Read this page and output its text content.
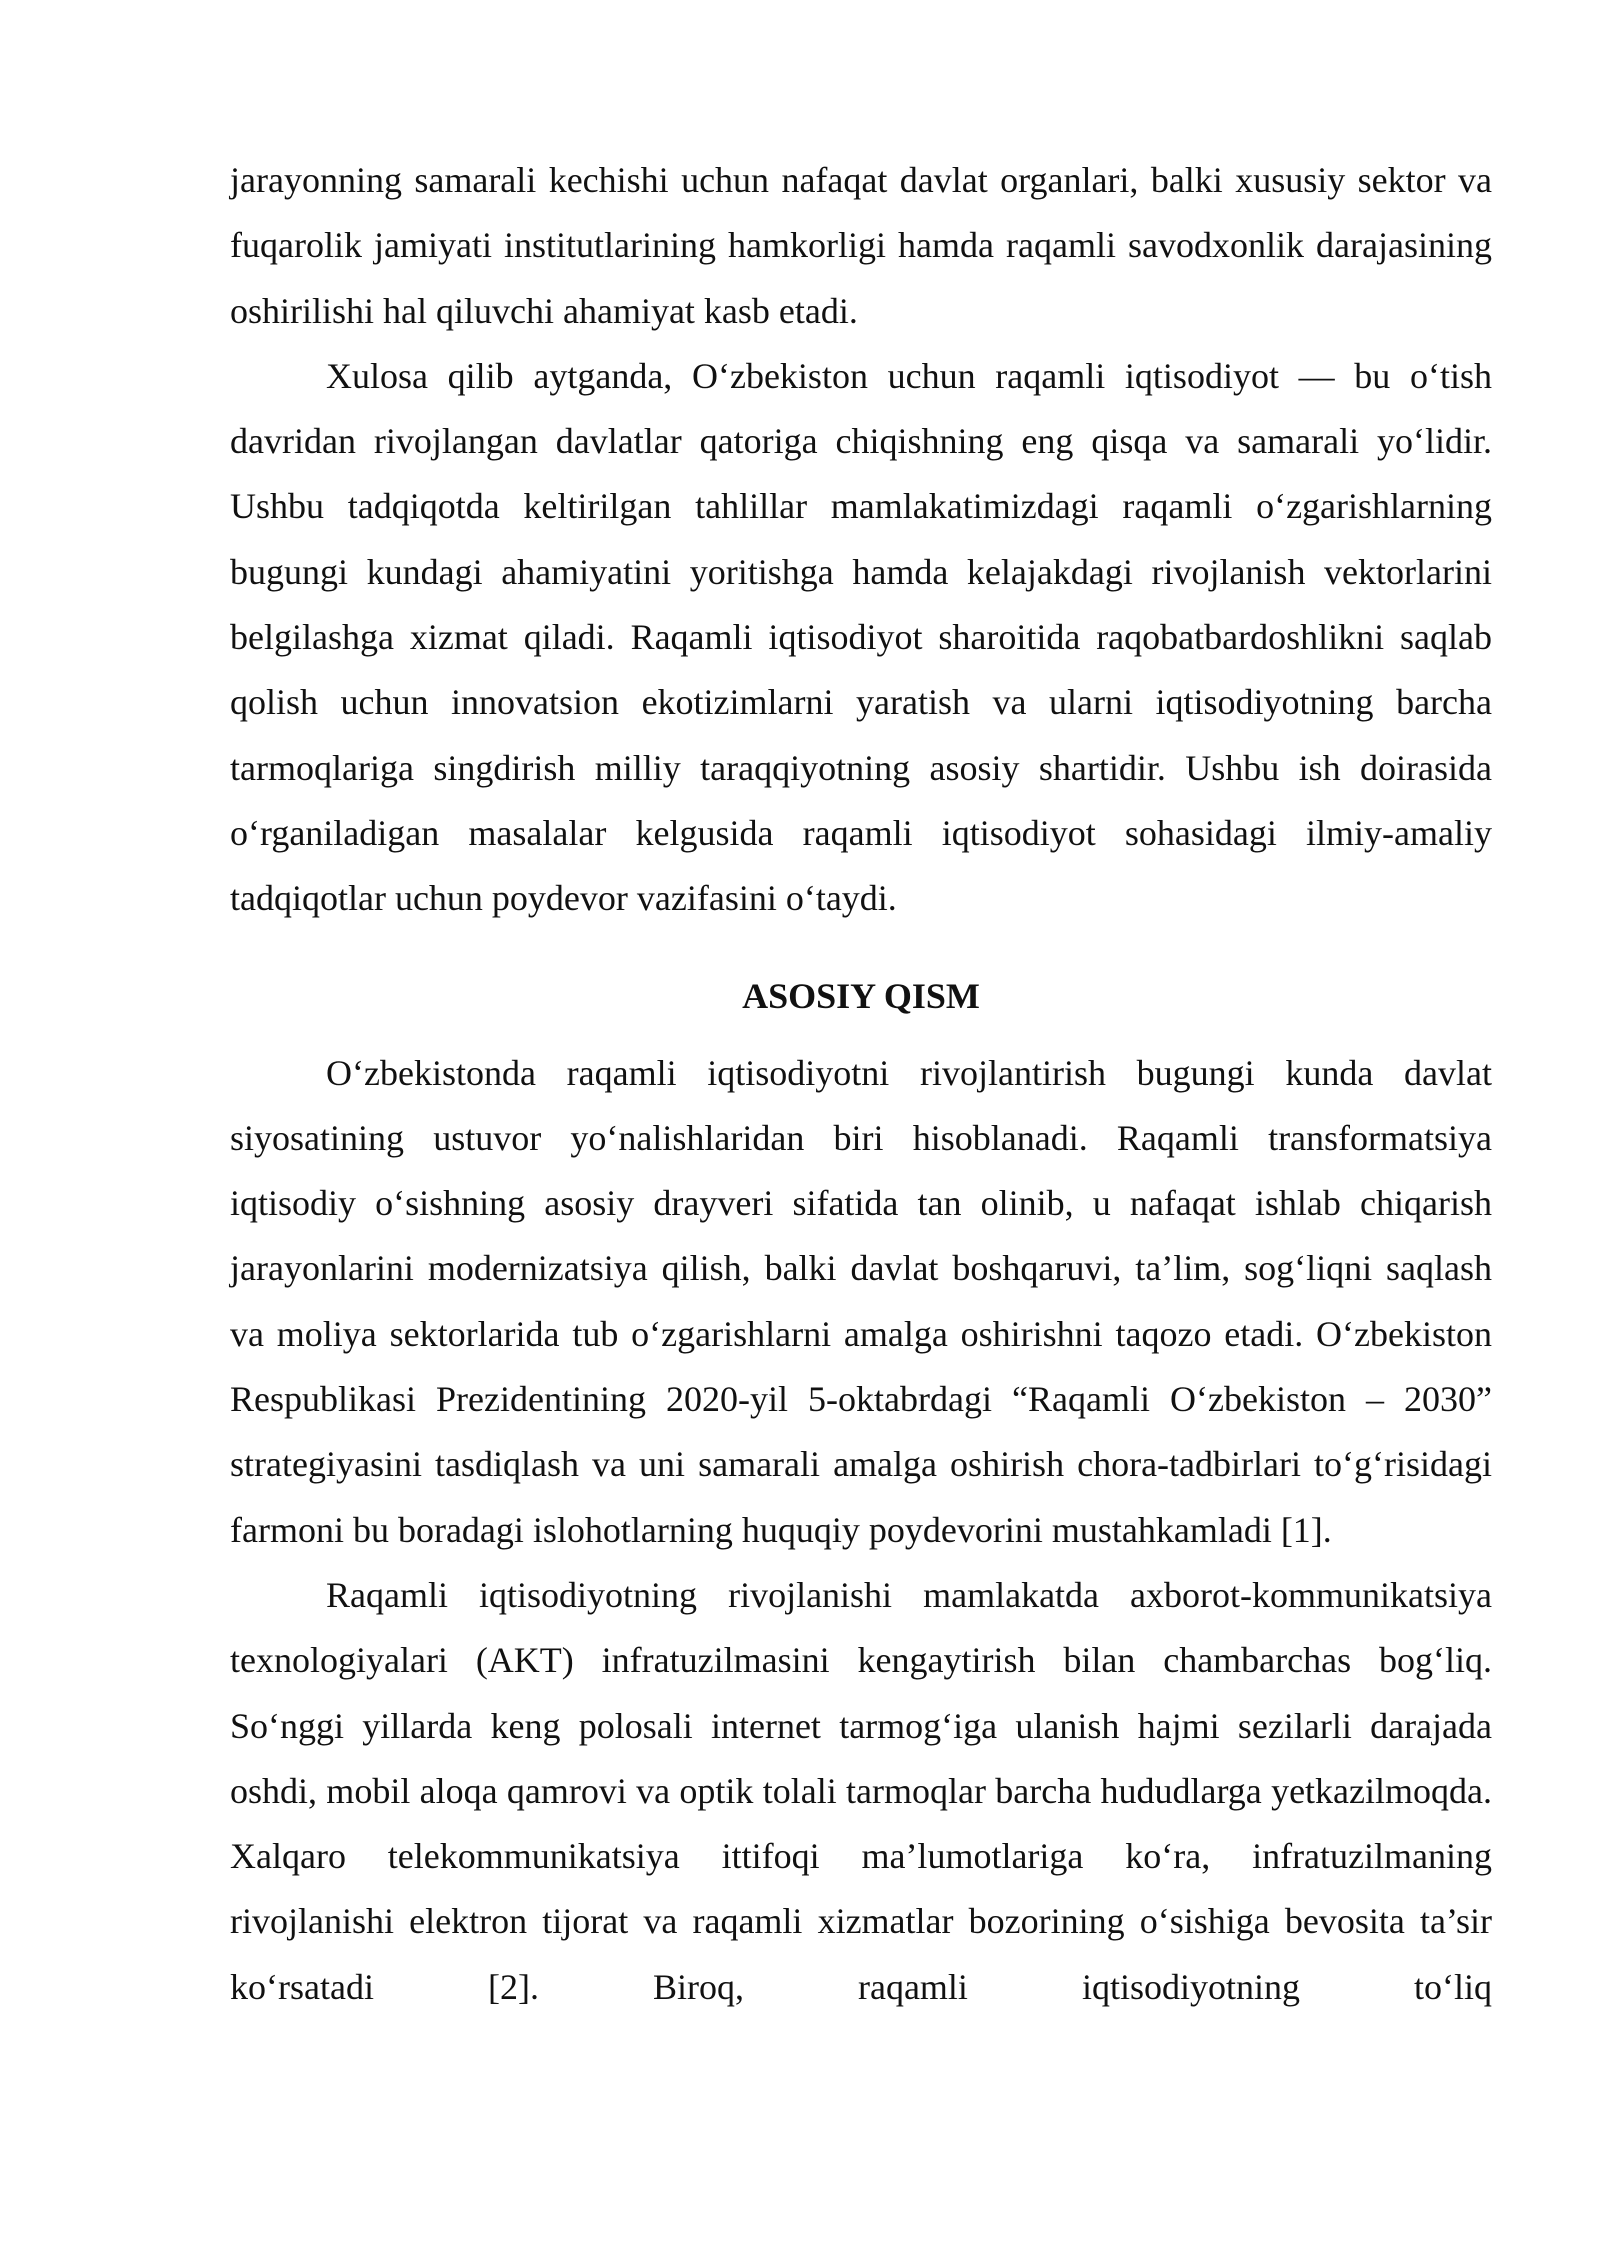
jarayonning samarali kechishi uchun nafaqat davlat organlari, balki xususiy sektor va fuqarolik jamiyati institutlarining hamkorligi hamda raqamli savodxonlik darajasining oshirilishi hal qiluvchi ahamiyat kasb etadi.

Xulosa qilib aytganda, O‘zbekiston uchun raqamli iqtisodiyot — bu o‘tish davridan rivojlangan davlatlar qatoriga chiqishning eng qisqa va samarali yo‘lidir. Ushbu tadqiqotda keltirilgan tahlillar mamlakatimizdagi raqamli o‘zgarishlarning bugungi kundagi ahamiyatini yoritishga hamda kelajakdagi rivojlanish vektorlarini belgilashga xizmat qiladi. Raqamli iqtisodiyot sharoitida raqobatbardoshlikni saqlab qolish uchun innovatsion ekotizimlarni yaratish va ularni iqtisodiyotning barcha tarmoqlariga singdirish milliy taraqqiyotning asosiy shartidir. Ushbu ish doirasida o‘rganiladigan masalalar kelgusida raqamli iqtisodiyot sohasidagi ilmiy-amaliy tadqiqotlar uchun poydevor vazifasini o‘taydi.

ASOSIY QISM

O‘zbekistonda raqamli iqtisodiyotni rivojlantirish bugungi kunda davlat siyosatining ustuvor yo‘nalishlaridan biri hisoblanadi. Raqamli transformatsiya iqtisodiy o‘sishning asosiy drayveri sifatida tan olinib, u nafaqat ishlab chiqarish jarayonlarini modernizatsiya qilish, balki davlat boshqaruvi, ta’lim, sog‘liqni saqlash va moliya sektorlarida tub o‘zgarishlarni amalga oshirishni taqozo etadi. O‘zbekiston Respublikasi Prezidentining 2020-yil 5-oktabrdagi “Raqamli O‘zbekiston – 2030” strategiyasini tasdiqlash va uni samarali amalga oshirish chora-tadbirlari to‘g‘risidagi farmoni bu boradagi islohotlarning huquqiy poydevorini mustahkamladi [1].

Raqamli iqtisodiyotning rivojlanishi mamlakatda axborot-kommunikatsiya texnologiyalari (AKT) infratuzilmasini kengaytirish bilan chambarchas bog‘liq. So‘nggi yillarda keng polosali internet tarmog‘iga ulanish hajmi sezilarli darajada oshdi, mobil aloqa qamrovi va optik tolali tarmoqlar barcha hududlarga yetkazilmoqda. Xalqaro telekommunikatsiya ittifoqi ma’lumotlariga ko‘ra, infratuzilmaning rivojlanishi elektron tijorat va raqamli xizmatlar bozorining o‘sishiga bevosita ta’sir ko‘rsatadi [2]. Biroq, raqamli iqtisodiyotning to‘liq
